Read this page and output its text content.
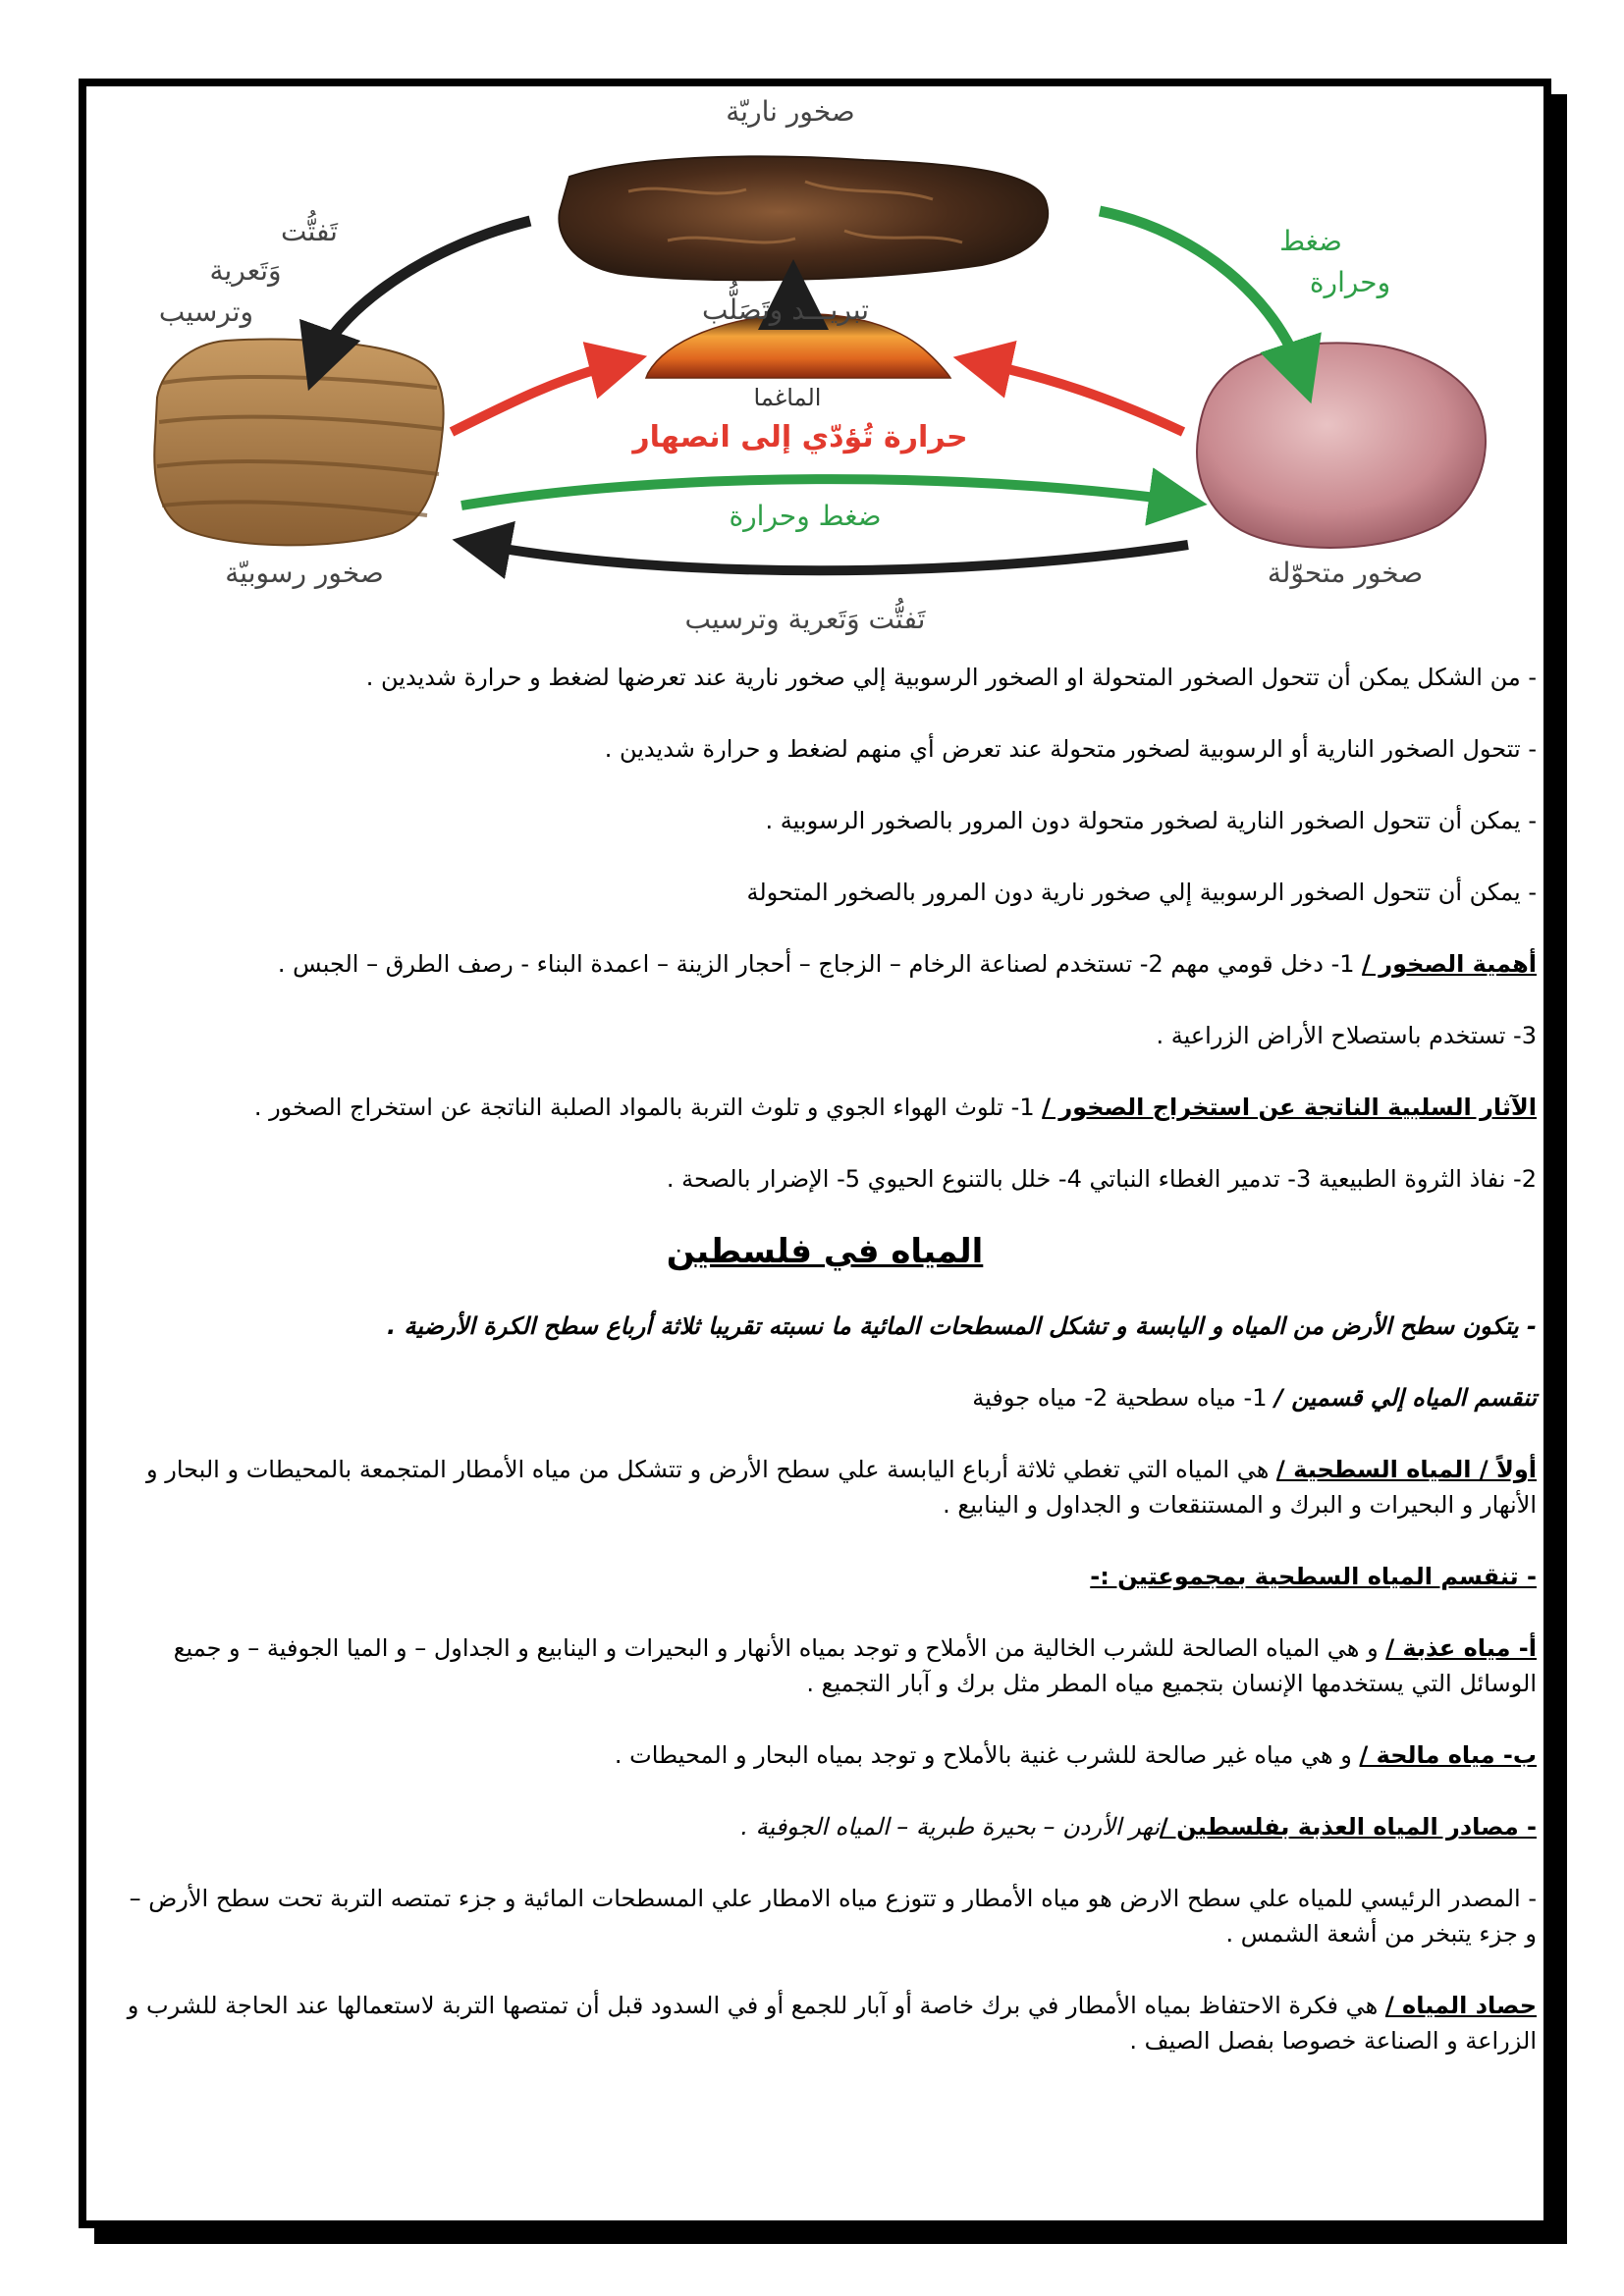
صخور ناريّة
الماغما
صخور رسوبيّة	صخور متحوّلة
تَفتُّت
وَتَعرية
وترسيب
ضغط
وحرارة
تبريـــد وتَصَلُّب
حرارة تُؤدّي إلى انصهار
ضغط وحرارة
تَفتُّت وَتَعرية وترسيب

- من الشكل يمكن أن تتحول الصخور المتحولة او الصخور الرسوبية إلي صخور نارية عند تعرضها لضغط و حرارة شديدين .

- تتحول الصخور النارية أو الرسوبية لصخور متحولة عند تعرض أي منهم لضغط و حرارة شديدين .

- يمكن أن تتحول الصخور النارية لصخور متحولة دون المرور بالصخور الرسوبية .

- يمكن أن تتحول الصخور الرسوبية إلي صخور نارية دون المرور بالصخور المتحولة

أهمية الصخور / 1- دخل قومي مهم 2- تستخدم لصناعة الرخام – الزجاج – أحجار الزينة – اعمدة البناء - رصف الطرق – الجبس .

3- تستخدم باستصلاح الأراض الزراعية .

الآثار السلبية الناتجة عن استخراج الصخور / 1- تلوث الهواء الجوي و تلوث التربة بالمواد الصلبة الناتجة عن استخراج الصخور .

2- نفاذ الثروة الطبيعية 3- تدمير الغطاء النباتي 4- خلل بالتنوع الحيوي 5- الإضرار بالصحة .

المياه في فلسطين

- يتكون سطح الأرض من المياه و اليابسة و تشكل المسطحات المائية ما نسبته تقريبا ثلاثة أرباع سطح الكرة الأرضية .

تنقسم المياه إلي قسمين / 1- مياه سطحية 2- مياه جوفية

أولاً / المياه السطحية / هي المياه التي تغطي ثلاثة أرباع اليابسة علي سطح الأرض و تتشكل من مياه الأمطار المتجمعة بالمحيطات و البحار و الأنهار و البحيرات و البرك و المستنقعات و الجداول و الينابيع .

- تنقسم المياه السطحية بمجموعتين :-

أ- مياه عذبة / و هي المياه الصالحة للشرب الخالية من الأملاح و توجد بمياه الأنهار و البحيرات و الينابيع و الجداول – و الميا الجوفية – و جميع الوسائل التي يستخدمها الإنسان بتجميع مياه المطر مثل برك و آبار التجميع .

ب- مياه مالحة / و هي مياه غير صالحة للشرب غنية بالأملاح و توجد بمياه البحار و المحيطات .

- مصادر المياه العذبة بفلسطين /نهر الأردن – بحيرة طبرية – المياه الجوفية .

- المصدر الرئيسي للمياه علي سطح الارض هو مياه الأمطار و تتوزع مياه الامطار علي المسطحات المائية و جزء تمتصه التربة تحت سطح الأرض – و جزء يتبخر من أشعة الشمس .

حصاد المياه / هي فكرة الاحتفاظ بمياه الأمطار في برك خاصة أو آبار للجمع أو في السدود قبل أن تمتصها التربة لاستعمالها عند الحاجة للشرب و الزراعة و الصناعة خصوصا بفصل الصيف .
